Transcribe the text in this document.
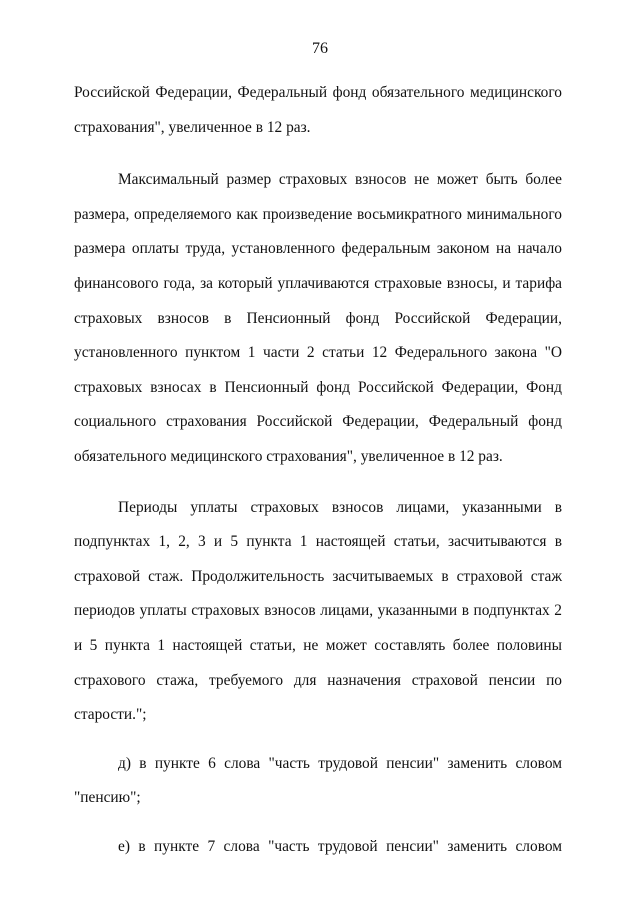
76

Российской Федерации, Федеральный фонд обязательного медицинского страхования", увеличенное в 12 раз.

Максимальный размер страховых взносов не может быть более размера, определяемого как произведение восьмикратного минимального размера оплаты труда, установленного федеральным законом на начало финансового года, за который уплачиваются страховые взносы, и тарифа страховых взносов в Пенсионный фонд Российской Федерации, установленного пунктом 1 части 2 статьи 12 Федерального закона "О страховых взносах в Пенсионный фонд Российской Федерации, Фонд социального страхования Российской Федерации, Федеральный фонд обязательного медицинского страхования", увеличенное в 12 раз.

Периоды уплаты страховых взносов лицами, указанными в подпунктах 1, 2, 3 и 5 пункта 1 настоящей статьи, засчитываются в страховой стаж. Продолжительность засчитываемых в страховой стаж периодов уплаты страховых взносов лицами, указанными в подпунктах 2 и 5 пункта 1 настоящей статьи, не может составлять более половины страхового стажа, требуемого для назначения страховой пенсии по старости.";

д) в пункте 6 слова "часть трудовой пенсии" заменить словом
"пенсию";
е) в пункте 7 слова "часть трудовой пенсии" заменить словом
